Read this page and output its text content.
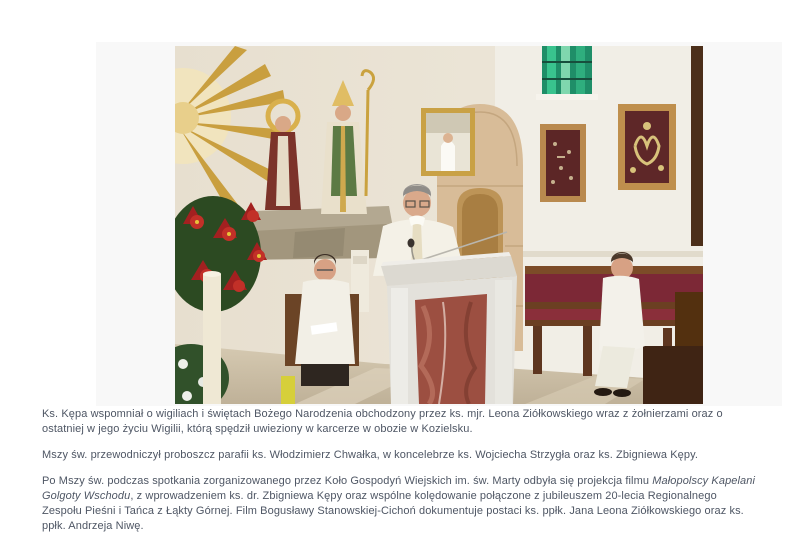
Ks. Kępa wspomniał o wigiliach i świętach Bożego Narodzenia obchodzony przez ks. mjr. Leona Ziółkowskiego wraz z żołnierzami oraz o ostatniej w jego życiu Wigilii, którą spędził uwieziony w karcerze w obozie w Kozielsku.

Mszy św. przewodniczył proboszcz parafii ks. Włodzimierz Chwałka, w koncelebrze ks. Wojciecha Strzygła oraz ks. Zbigniewa Kępy.

Po Mszy św. podczas spotkania zorganizowanego przez Koło Gospodyń Wiejskich im. św. Marty odbyła się projekcja filmu Małopolscy Kapelani Golgoty Wschodu, z wprowadzeniem ks. dr. Zbigniewa Kępy oraz wspólne kolędowanie połączone z jubileuszem 20-lecia Regionalnego Zespołu Pieśni i Tańca z Łąkty Górnej. Film Bogusławy Stanowskiej-Cichoń dokumentuje postaci ks. ppłk. Jana Leona Ziółkowskiego oraz ks. ppłk. Andrzeja Niwę.
